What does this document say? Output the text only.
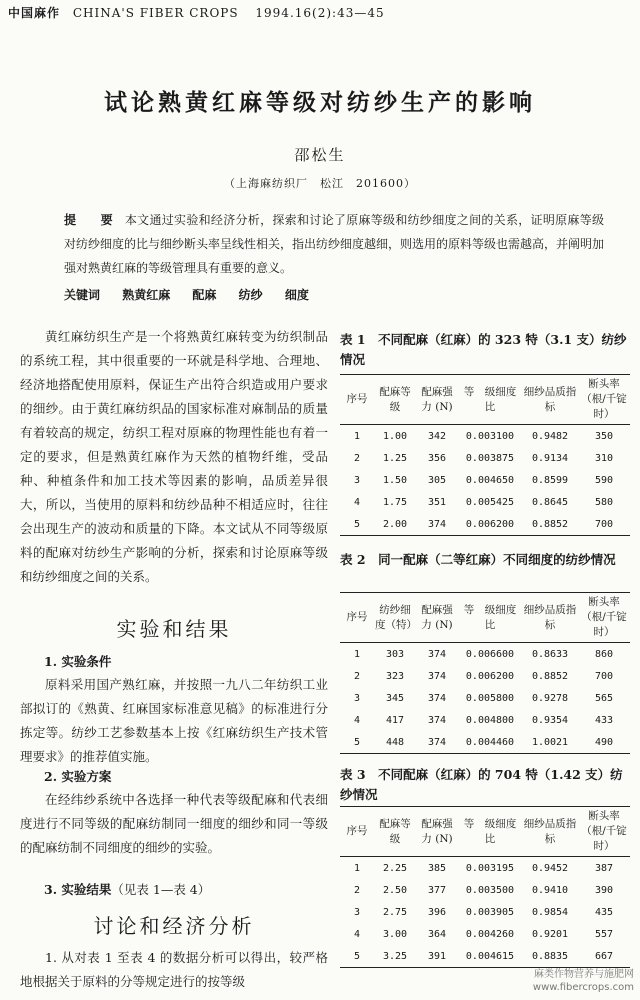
中国麻作 CHINA'S FIBER CROPS 1994.16(2):43—45
试论熟黄红麻等级对纺纱生产的影响
邵松生
（上海麻纺织厂　松江　201600）
提　要 本文通过实验和经济分析，探索和讨论了原麻等级和纺纱细度之间的关系，证明原麻等级对纺纱细度的比与细纱断头率呈线性相关，指出纺纱细度越细，则选用的原料等级也需越高，并阐明加强对熟黄红麻的等级管理具有重要的意义。
关键词 熟黄红麻 配麻 纺纱 细度
黄红麻纺织生产是一个将熟黄红麻转变为纺织制品的系统工程，其中很重要的一环就是科学地、合理地、经济地搭配使用原料，保证生产出符合织造或用户要求的细纱。由于黄红麻纺织品的国家标准对麻制品的质量有着较高的规定，纺织工程对原麻的物理性能也有着一定的要求，但是熟黄红麻作为天然的植物纤维，受品种、种植条件和加工技术等因素的影响，品质差异很大，所以，当使用的原料和纺纱品种不相适应时，往往会出现生产的波动和质量的下降。本文试从不同等级原料的配麻对纺纱生产影响的分析，探索和讨论原麻等级和纺纱细度之间的关系。
实验和结果
1. 实验条件
原料采用国产熟红麻，并按照一九八二年纺织工业部拟订的《熟黄、红麻国家标准意见稿》的标准进行分拣定等。纺纱工艺参数基本上按《红麻纺织生产技术管理要求》的推荐值实施。
2. 实验方案
在经纬纱系统中各选择一种代表等级配麻和代表细度进行不同等级的配麻纺制同一细度的细纱和同一等级的配麻纺制不同细度的细纱的实验。
3. 实验结果（见表 1—表 4）
讨论和经济分析
1. 从对表 1 至表 4 的数据分析可以得出，较严格地根据关于原料的分等规定进行的按等级
表 1　 不同配麻（红麻）的 323 特（3.1 支）纺纱情况
序号	配麻等级	配麻强力 (N)	等　级细度比	细纱品质指标	断头率（根/千锭时）
1	1.00	342	0.003100	0.9482	350
2	1.25	356	0.003875	0.9134	310
3	1.50	305	0.004650	0.8599	590
4	1.75	351	0.005425	0.8645	580
5	2.00	374	0.006200	0.8852	700
表 2　 同一配麻（二等红麻）不同细度的纺纱情况
序号	纺纱细度（特）	配麻强力 (N)	等　级细度比	细纱品质指标	断头率（根/千锭时）
1	303	374	0.006600	0.8633	860
2	323	374	0.006200	0.8852	700
3	345	374	0.005800	0.9278	565
4	417	374	0.004800	0.9354	433
5	448	374	0.004460	1.0021	490
表 3　 不同配麻（红麻）的 704 特（1.42 支）纺纱情况
序号	配麻等级	配麻强力 (N)	等　级细度比	细纱品质指标	断头率（根/千锭时）
1	2.25	385	0.003195	0.9452	387
2	2.50	377	0.003500	0.9410	390
3	2.75	396	0.003905	0.9854	435
4	3.00	364	0.004260	0.9201	557
5	3.25	391	0.004615	0.8835	667
麻类作物营养与施肥网
www.fibercrops.com
